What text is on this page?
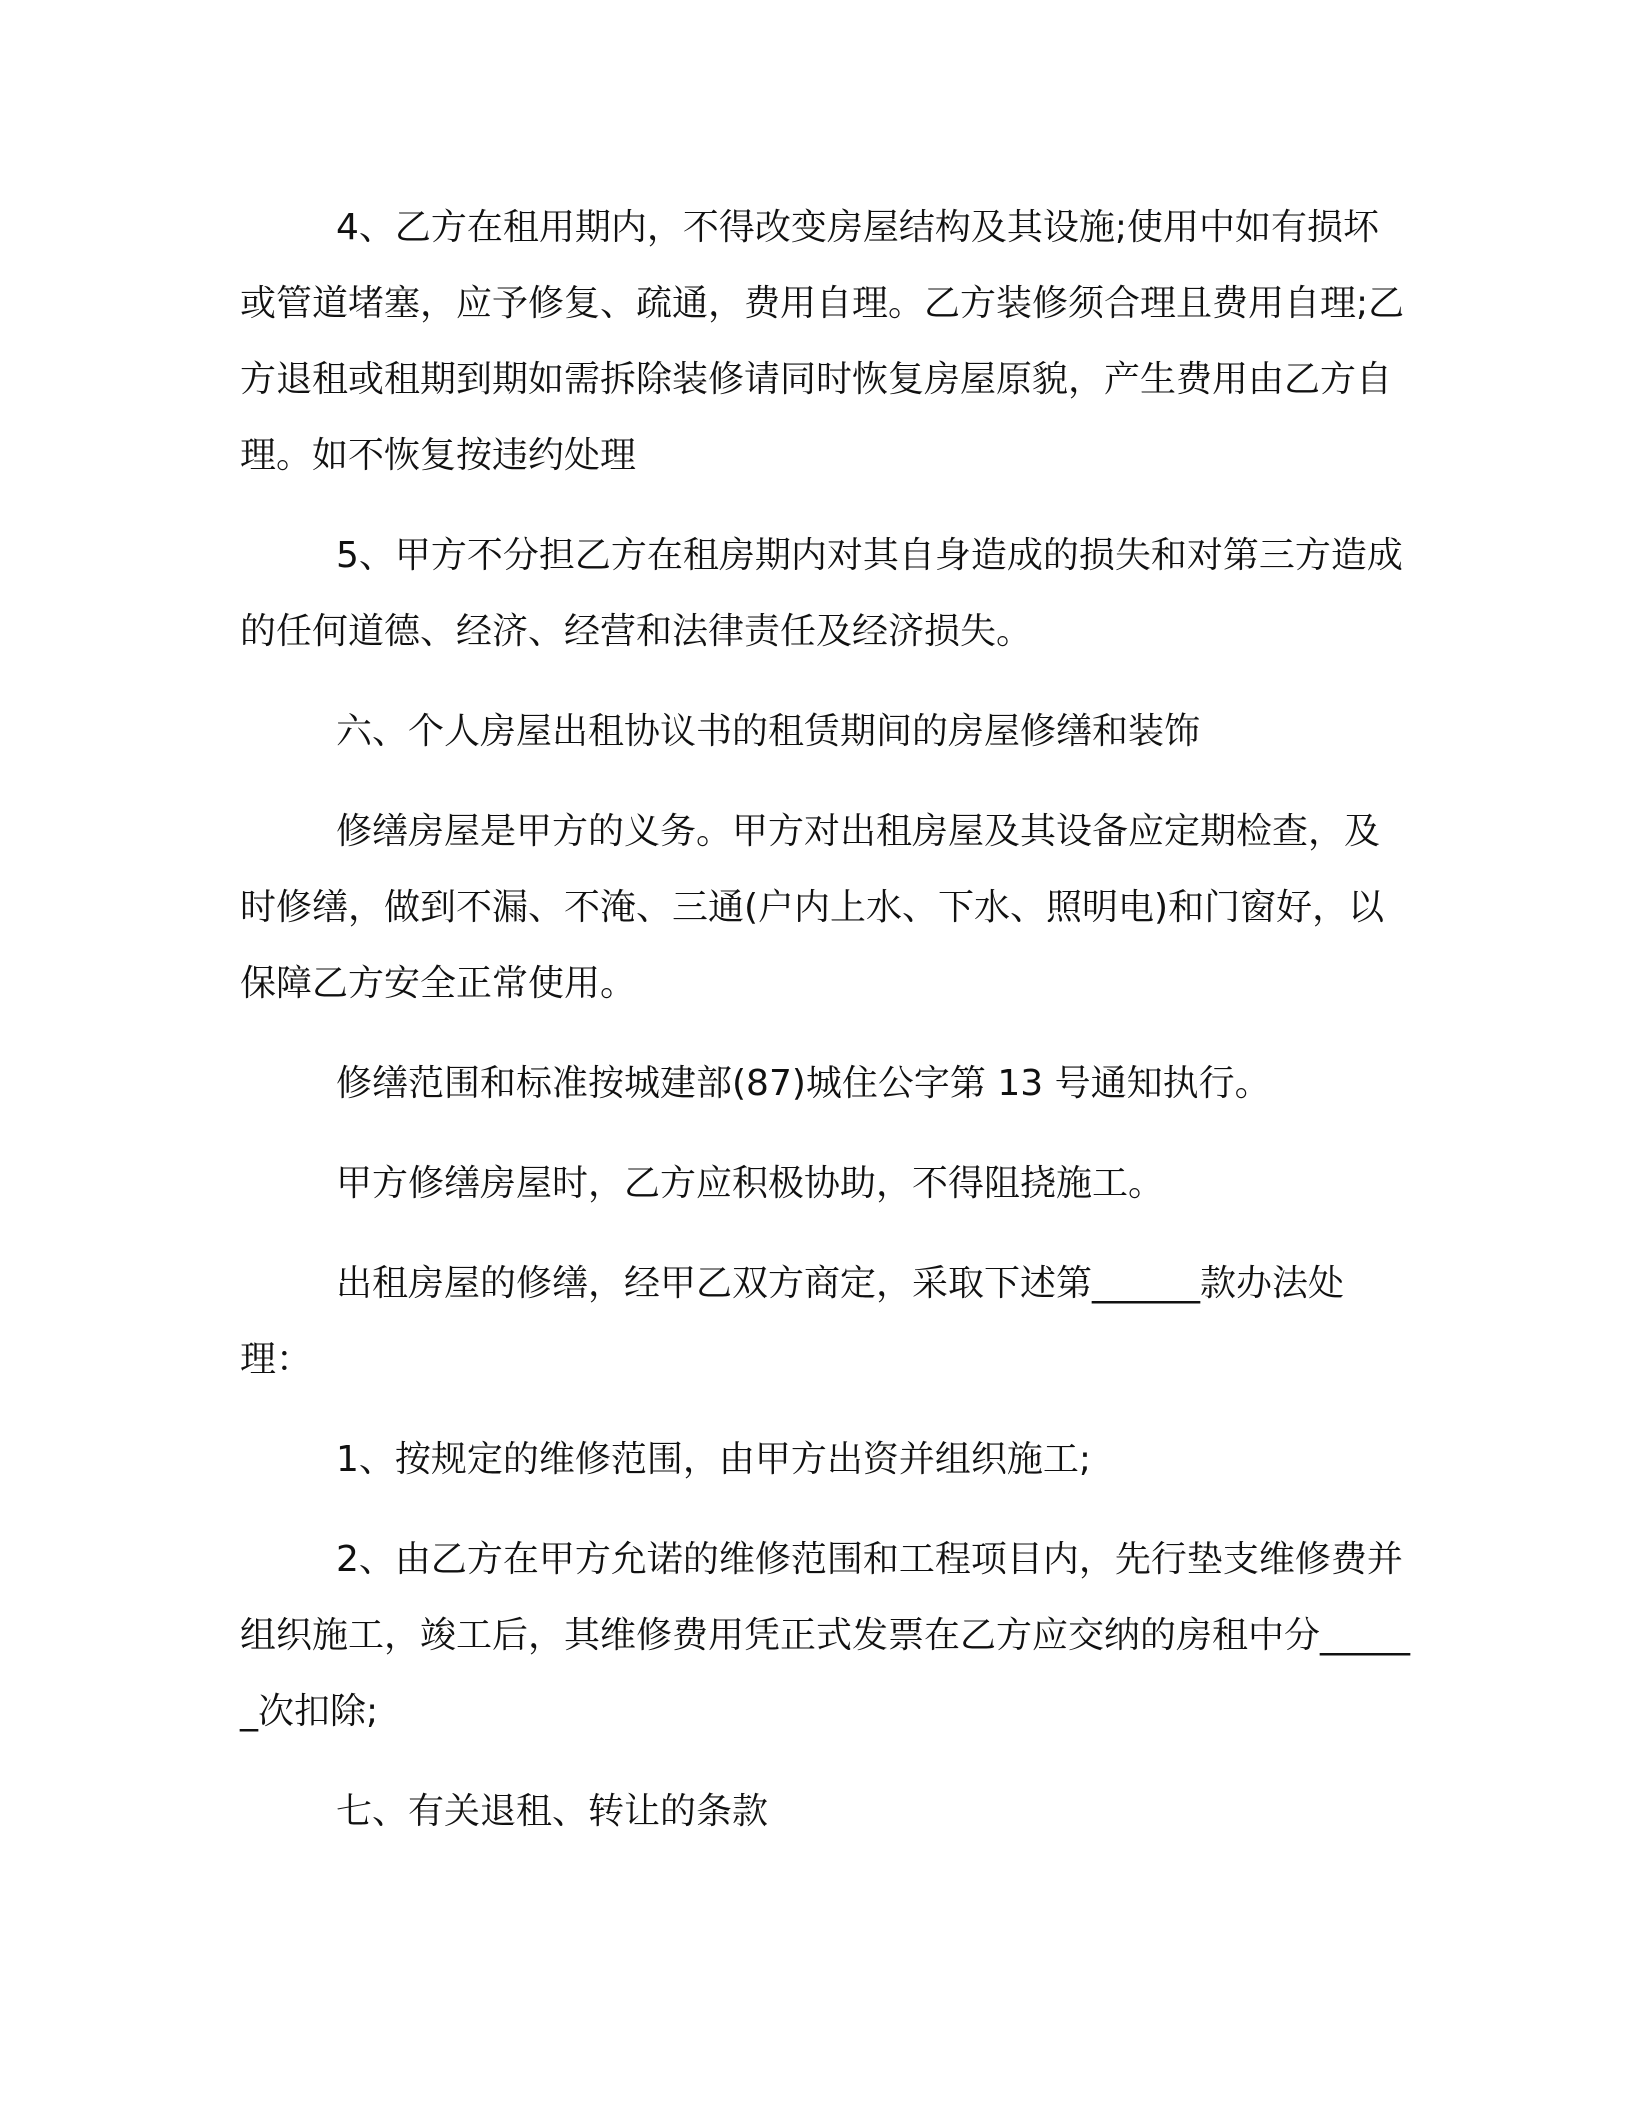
4、乙方在租用期内，不得改变房屋结构及其设施;使用中如有损坏或管道堵塞，应予修复、疏通，费用自理。乙方装修须合理且费用自理;乙方退租或租期到期如需拆除装修请同时恢复房屋原貌，产生费用由乙方自理。如不恢复按违约处理

5、甲方不分担乙方在租房期内对其自身造成的损失和对第三方造成的任何道德、经济、经营和法律责任及经济损失。

六、个人房屋出租协议书的租赁期间的房屋修缮和装饰

修缮房屋是甲方的义务。甲方对出租房屋及其设备应定期检查，及时修缮，做到不漏、不淹、三通(户内上水、下水、照明电)和门窗好，以保障乙方安全正常使用。

修缮范围和标准按城建部(87)城住公字第 13 号通知执行。

甲方修缮房屋时，乙方应积极协助，不得阻挠施工。

出租房屋的修缮，经甲乙双方商定，采取下述第______款办法处理：

1、按规定的维修范围，由甲方出资并组织施工;

2、由乙方在甲方允诺的维修范围和工程项目内，先行垫支维修费并组织施工，竣工后，其维修费用凭正式发票在乙方应交纳的房租中分______次扣除;

七、有关退租、转让的条款
